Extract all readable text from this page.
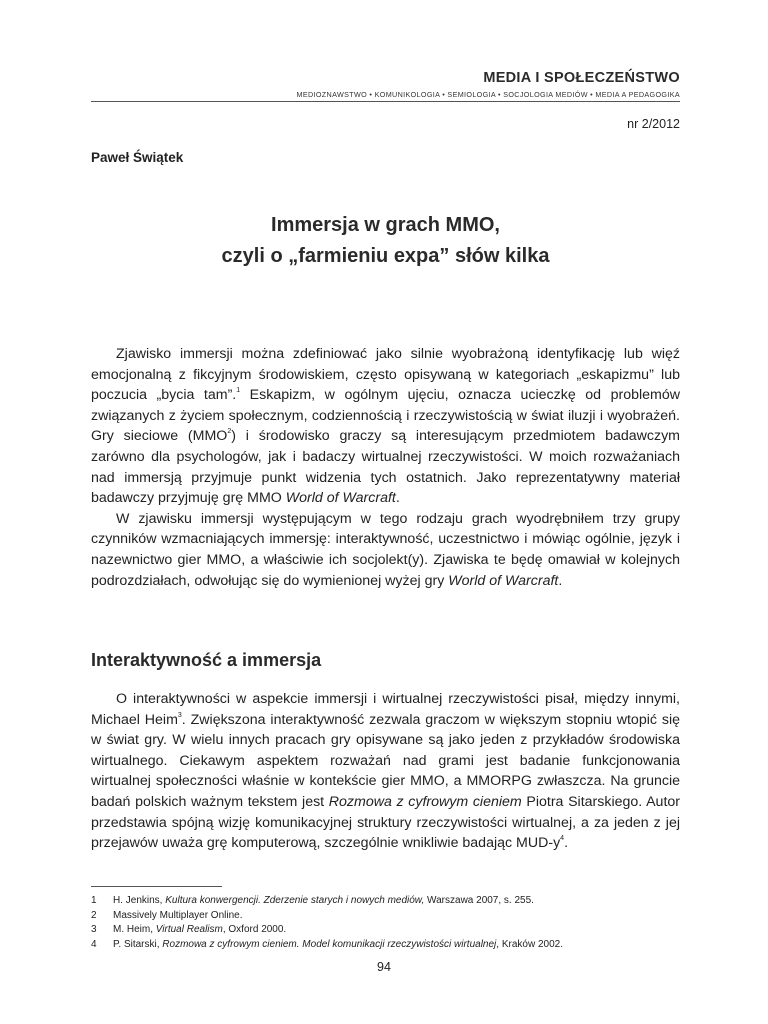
MEDIA I SPOŁECZEŃSTWO
MEDIOZNAWSTWO • KOMUNIKOLOGIA • SEMIOLOGIA • SOCJOLOGIA MEDIÓW • MEDIA A PEDAGOGIKA
nr 2/2012
Paweł Świątek
Immersja w grach MMO,
czyli o „farmieniu expa” słów kilka

Zjawisko immersji można zdefiniować jako silnie wyobrażoną identyfikację lub więź emocjonalną z fikcyjnym środowiskiem, często opisywaną w kategoriach „eskapizmu” lub poczucia „bycia tam”.$^1$ Eskapizm, w ogólnym ujęciu, oznacza ucieczkę od problemów związanych z życiem społecznym, codziennością i rzeczywistością w świat iluzji i wyobrażeń. Gry sieciowe (MMO$^2$) i środowisko graczy są interesującym przedmiotem badawczym zarówno dla psychologów, jak i badaczy wirtualnej rzeczywistości. W moich rozważaniach nad immersją przyjmuje punkt widzenia tych ostatnich. Jako reprezentatywny materiał badawczy przyjmuję grę MMO World of Warcraft.

W zjawisku immersji występującym w tego rodzaju grach wyodrębniłem trzy grupy czynników wzmacniających immersję: interaktywność, uczestnictwo i mówiąc ogólnie, język i nazewnictwo gier MMO, a właściwie ich socjolekt(y). Zjawiska te będę omawiał w kolejnych podrozdziałach, odwołując się do wymienionej wyżej gry World of Warcraft.

Interaktywność a immersja

O interaktywności w aspekcie immersji i wirtualnej rzeczywistości pisał, między innymi, Michael Heim$^3$. Zwiększona interaktywność zezwala graczom w większym stopniu wtopić się w świat gry. W wielu innych pracach gry opisywane są jako jeden z przykładów środowiska wirtualnego. Ciekawym aspektem rozważań nad grami jest badanie funkcjonowania wirtualnej społeczności właśnie w kontekście gier MMO, a MMORPG zwłaszcza. Na gruncie badań polskich ważnym tekstem jest Rozmowa z cyfrowym cieniem Piotra Sitarskiego. Autor przedstawia spójną wizję komunikacyjnej struktury rzeczywistości wirtualnej, a za jeden z jej przejawów uważa grę komputerową, szczególnie wnikliwie badając MUD-$y^4$.

1	H. Jenkins, Kultura konwergencji. Zderzenie starych i nowych mediów, Warszawa 2007, s. 255.
2	Massively Multiplayer Online.
3	M. Heim, Virtual Realism, Oxford 2000.
4	P. Sitarski, Rozmowa z cyfrowym cieniem. Model komunikacji rzeczywistości wirtualnej, Kraków 2002.
94
